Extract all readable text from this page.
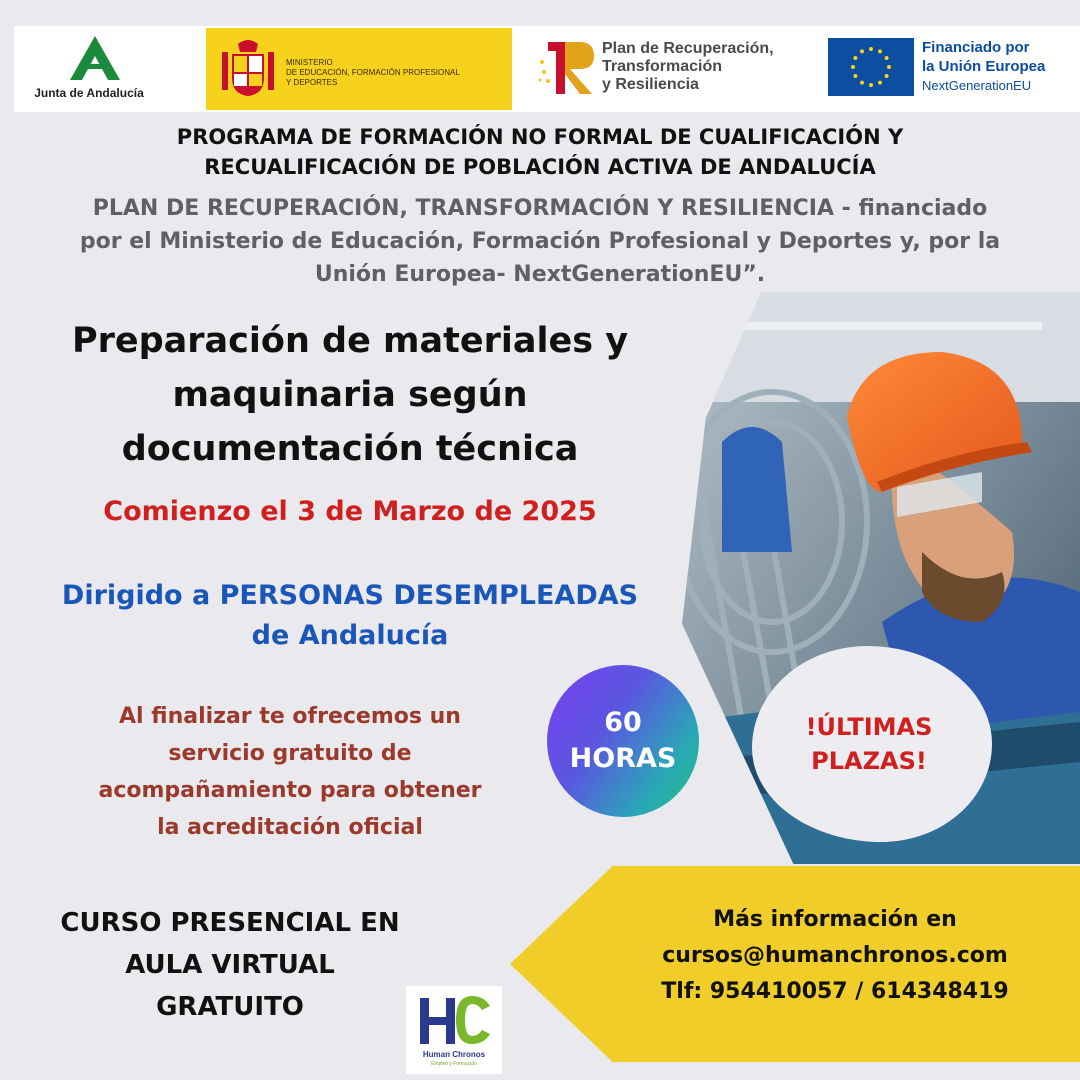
Junta de Andalucía
MINISTERIO
DE EDUCACIÓN, FORMACIÓN PROFESIONAL
Y DEPORTES
Plan de Recuperación,
Transformación
y Resiliencia
Financiado por
la Unión Europea
NextGenerationEU
PROGRAMA DE FORMACIÓN NO FORMAL DE CUALIFICACIÓN Y
RECUALIFICACIÓN DE POBLACIÓN ACTIVA DE ANDALUCÍA
PLAN DE RECUPERACIÓN, TRANSFORMACIÓN Y RESILIENCIA - financiado
por el Ministerio de Educación, Formación Profesional y Deportes y, por la
Unión Europea- NextGenerationEU”.
Preparación de materiales y
maquinaria según
documentación técnica
Comienzo el 3 de Marzo de 2025
Dirigido a PERSONAS DESEMPLEADAS
de Andalucía
Al finalizar te ofrecemos un
servicio gratuito de
acompañamiento para obtener
la acreditación oficial
!ÚLTIMAS
PLAZAS!
60
HORAS
CURSO PRESENCIAL EN
AULA VIRTUAL
GRATUITO
Más información en
cursos@humanchronos.com
Tlf: 954410057 / 614348419
Human Chronos
Empleo y Formación
